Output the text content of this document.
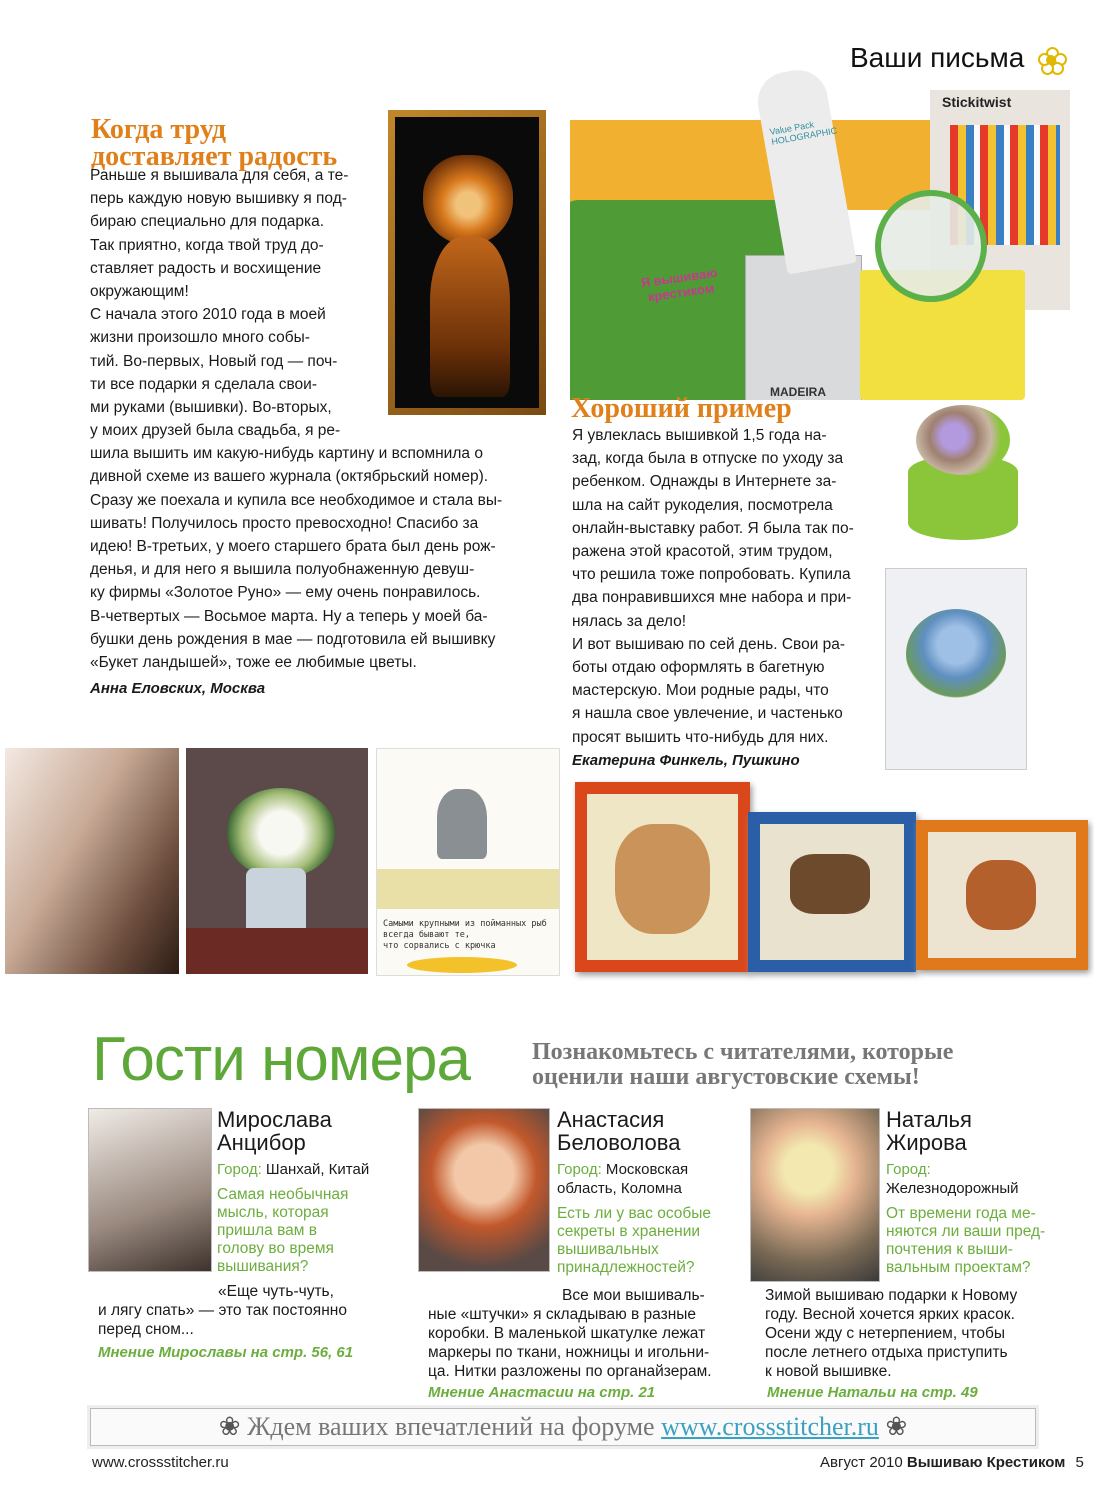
Ваши письма
Когда труд
доставляет радость
Раньше я вышивала для себя, а те-
перь каждую новую вышивку я под-
бираю специально для подарка.
Так приятно, когда твой труд до-
ставляет радость и восхищение
окружающим!
С начала этого 2010 года в моей
жизни произошло много собы-
тий. Во-первых, Новый год — поч-
ти все подарки я сделала свои-
ми руками (вышивки). Во-вторых,
у моих друзей была свадьба, я ре-
шила вышить им какую-нибудь картину и вспомнила о
дивной схеме из вашего журнала (октябрьский номер).
Сразу же поехала и купила все необходимое и стала вы-
шивать! Получилось просто превосходно! Спасибо за
идею! В-третьих, у моего старшего брата был день рож-
денья, и для него я вышила полуобнаженную девуш-
ку фирмы «Золотое Руно» — ему очень понравилось.
В-четвертых — Восьмое марта. Ну а теперь у моей ба-
бушки день рождения в мае — подготовила ей вышивку
«Букет ландышей», тоже ее любимые цветы.
Анна Еловских, Москва
Я вышиваю крестиком
MADEIRA
Value Pack HOLOGRAPHIC
Stickitwist
Хороший пример
Я увлеклась вышивкой 1,5 года на-
зад, когда была в отпуске по уходу за
ребенком. Однажды в Интернете за-
шла на сайт рукоделия, посмотрела
онлайн-выставку работ. Я была так по-
ражена этой красотой, этим трудом,
что решила тоже попробовать. Купила
два понравившихся мне набора и при-
нялась за дело!
И вот вышиваю по сей день. Свои ра-
боты отдаю оформлять в багетную
мастерскую. Мои родные рады, что
я нашла свое увлечение, и частенько
просят вышить что-нибудь для них.
Екатерина Финкель, Пушкино
Самыми крупными из пойманных рыб
всегда бывают те,
что сорвались с крючка
Гости номера	Познакомьтесь с читателями, которые
оценили наши августовские схемы!
Мирослава
Анцибор
Город: Шанхай, Китай
Самая необычная
мысль, которая
пришла вам в
голову во время
вышивания?
«Еще чуть-чуть,
и лягу спать» — это так постоянно
перед сном...
Мнение Мирославы на стр. 56, 61
Анастасия
Беловолова
Город: Московская
область, Коломна
Есть ли у вас особые
секреты в хранении
вышивальных
принадлежностей?
Все мои вышиваль-
ные «штучки» я складываю в разные
коробки. В маленькой шкатулке лежат
маркеры по ткани, ножницы и игольни-
ца. Нитки разложены по органайзерам.
Мнение Анастасии на стр. 21
Наталья
Жирова
Город:
Железнодорожный
От времени года ме-
няются ли ваши пред-
почтения к выши-
вальным проектам?
Зимой вышиваю подарки к Новому
году. Весной хочется ярких красок.
Осени жду с нетерпением, чтобы
после летнего отдыха приступить
к новой вышивке.
Мнение Натальи на стр. 49
❀ Ждем ваших впечатлений на форуме www.crossstitcher.ru ❀
www.crossstitcher.ru	Август 2010 Вышиваю Крестиком 5
